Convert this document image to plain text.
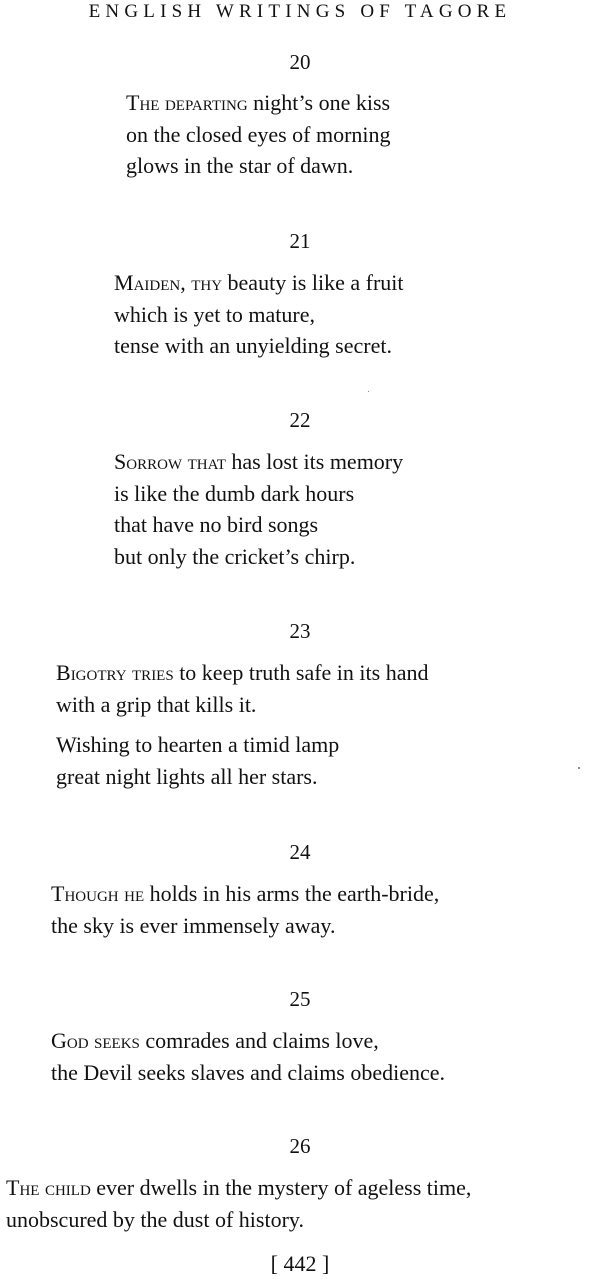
ENGLISH WRITINGS OF TAGORE
20
The departing night’s one kiss
on the closed eyes of morning
glows in the star of dawn.
21
Maiden, thy beauty is like a fruit
which is yet to mature,
tense with an unyielding secret.
22
Sorrow that has lost its memory
is like the dumb dark hours
that have no bird songs
but only the cricket’s chirp.
23
Bigotry tries to keep truth safe in its hand
with a grip that kills it.
Wishing to hearten a timid lamp
great night lights all her stars.
24
Though he holds in his arms the earth-bride,
the sky is ever immensely away.
25
God seeks comrades and claims love,
the Devil seeks slaves and claims obedience.
26
The child ever dwells in the mystery of ageless time,
unobscured by the dust of history.
[ 442 ]
